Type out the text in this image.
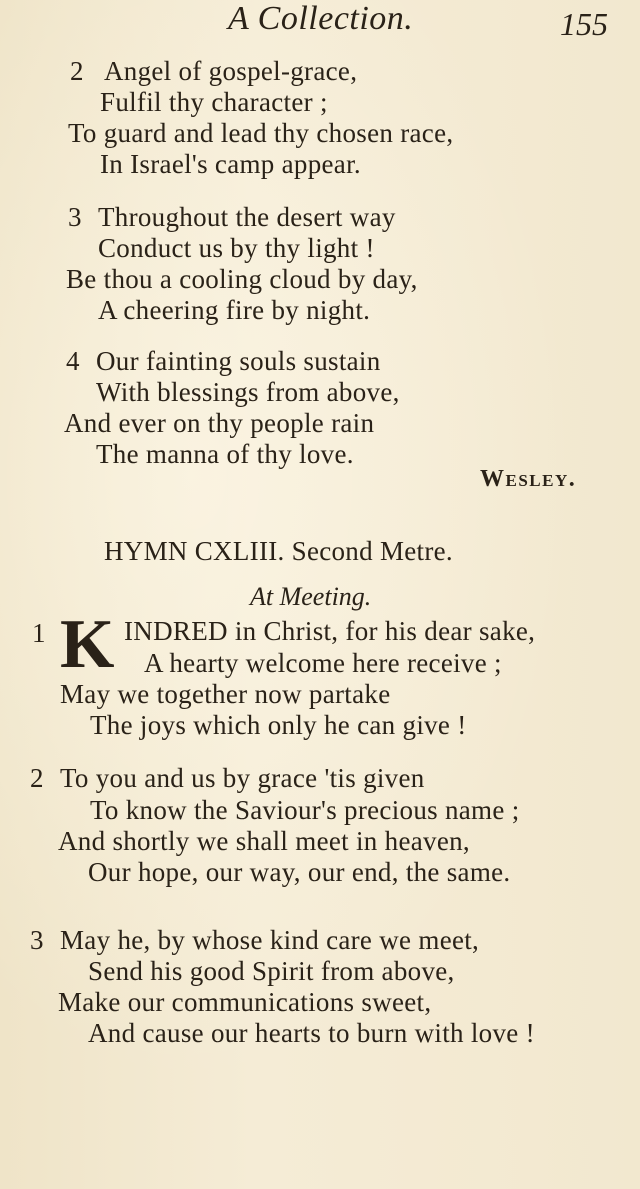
A Collection.	155
2 Angel of gospel-grace,
Fulfil thy character ;
To guard and lead thy chosen race,
In Israel's camp appear.
3 Throughout the desert way
Conduct us by thy light !
Be thou a cooling cloud by day,
A cheering fire by night.
4 Our fainting souls sustain
With blessings from above,
And ever on thy people rain
The manna of thy love.
Wesley.
HYMN CXLIII. Second Metre.
At Meeting.
1 K INDRED in Christ, for his dear sake,
A hearty welcome here receive ;
May we together now partake
The joys which only he can give !
2 To you and us by grace 'tis given
To know the Saviour's precious name ;
And shortly we shall meet in heaven,
Our hope, our way, our end, the same.
3 May he, by whose kind care we meet,
Send his good Spirit from above,
Make our communications sweet,
And cause our hearts to burn with love !
